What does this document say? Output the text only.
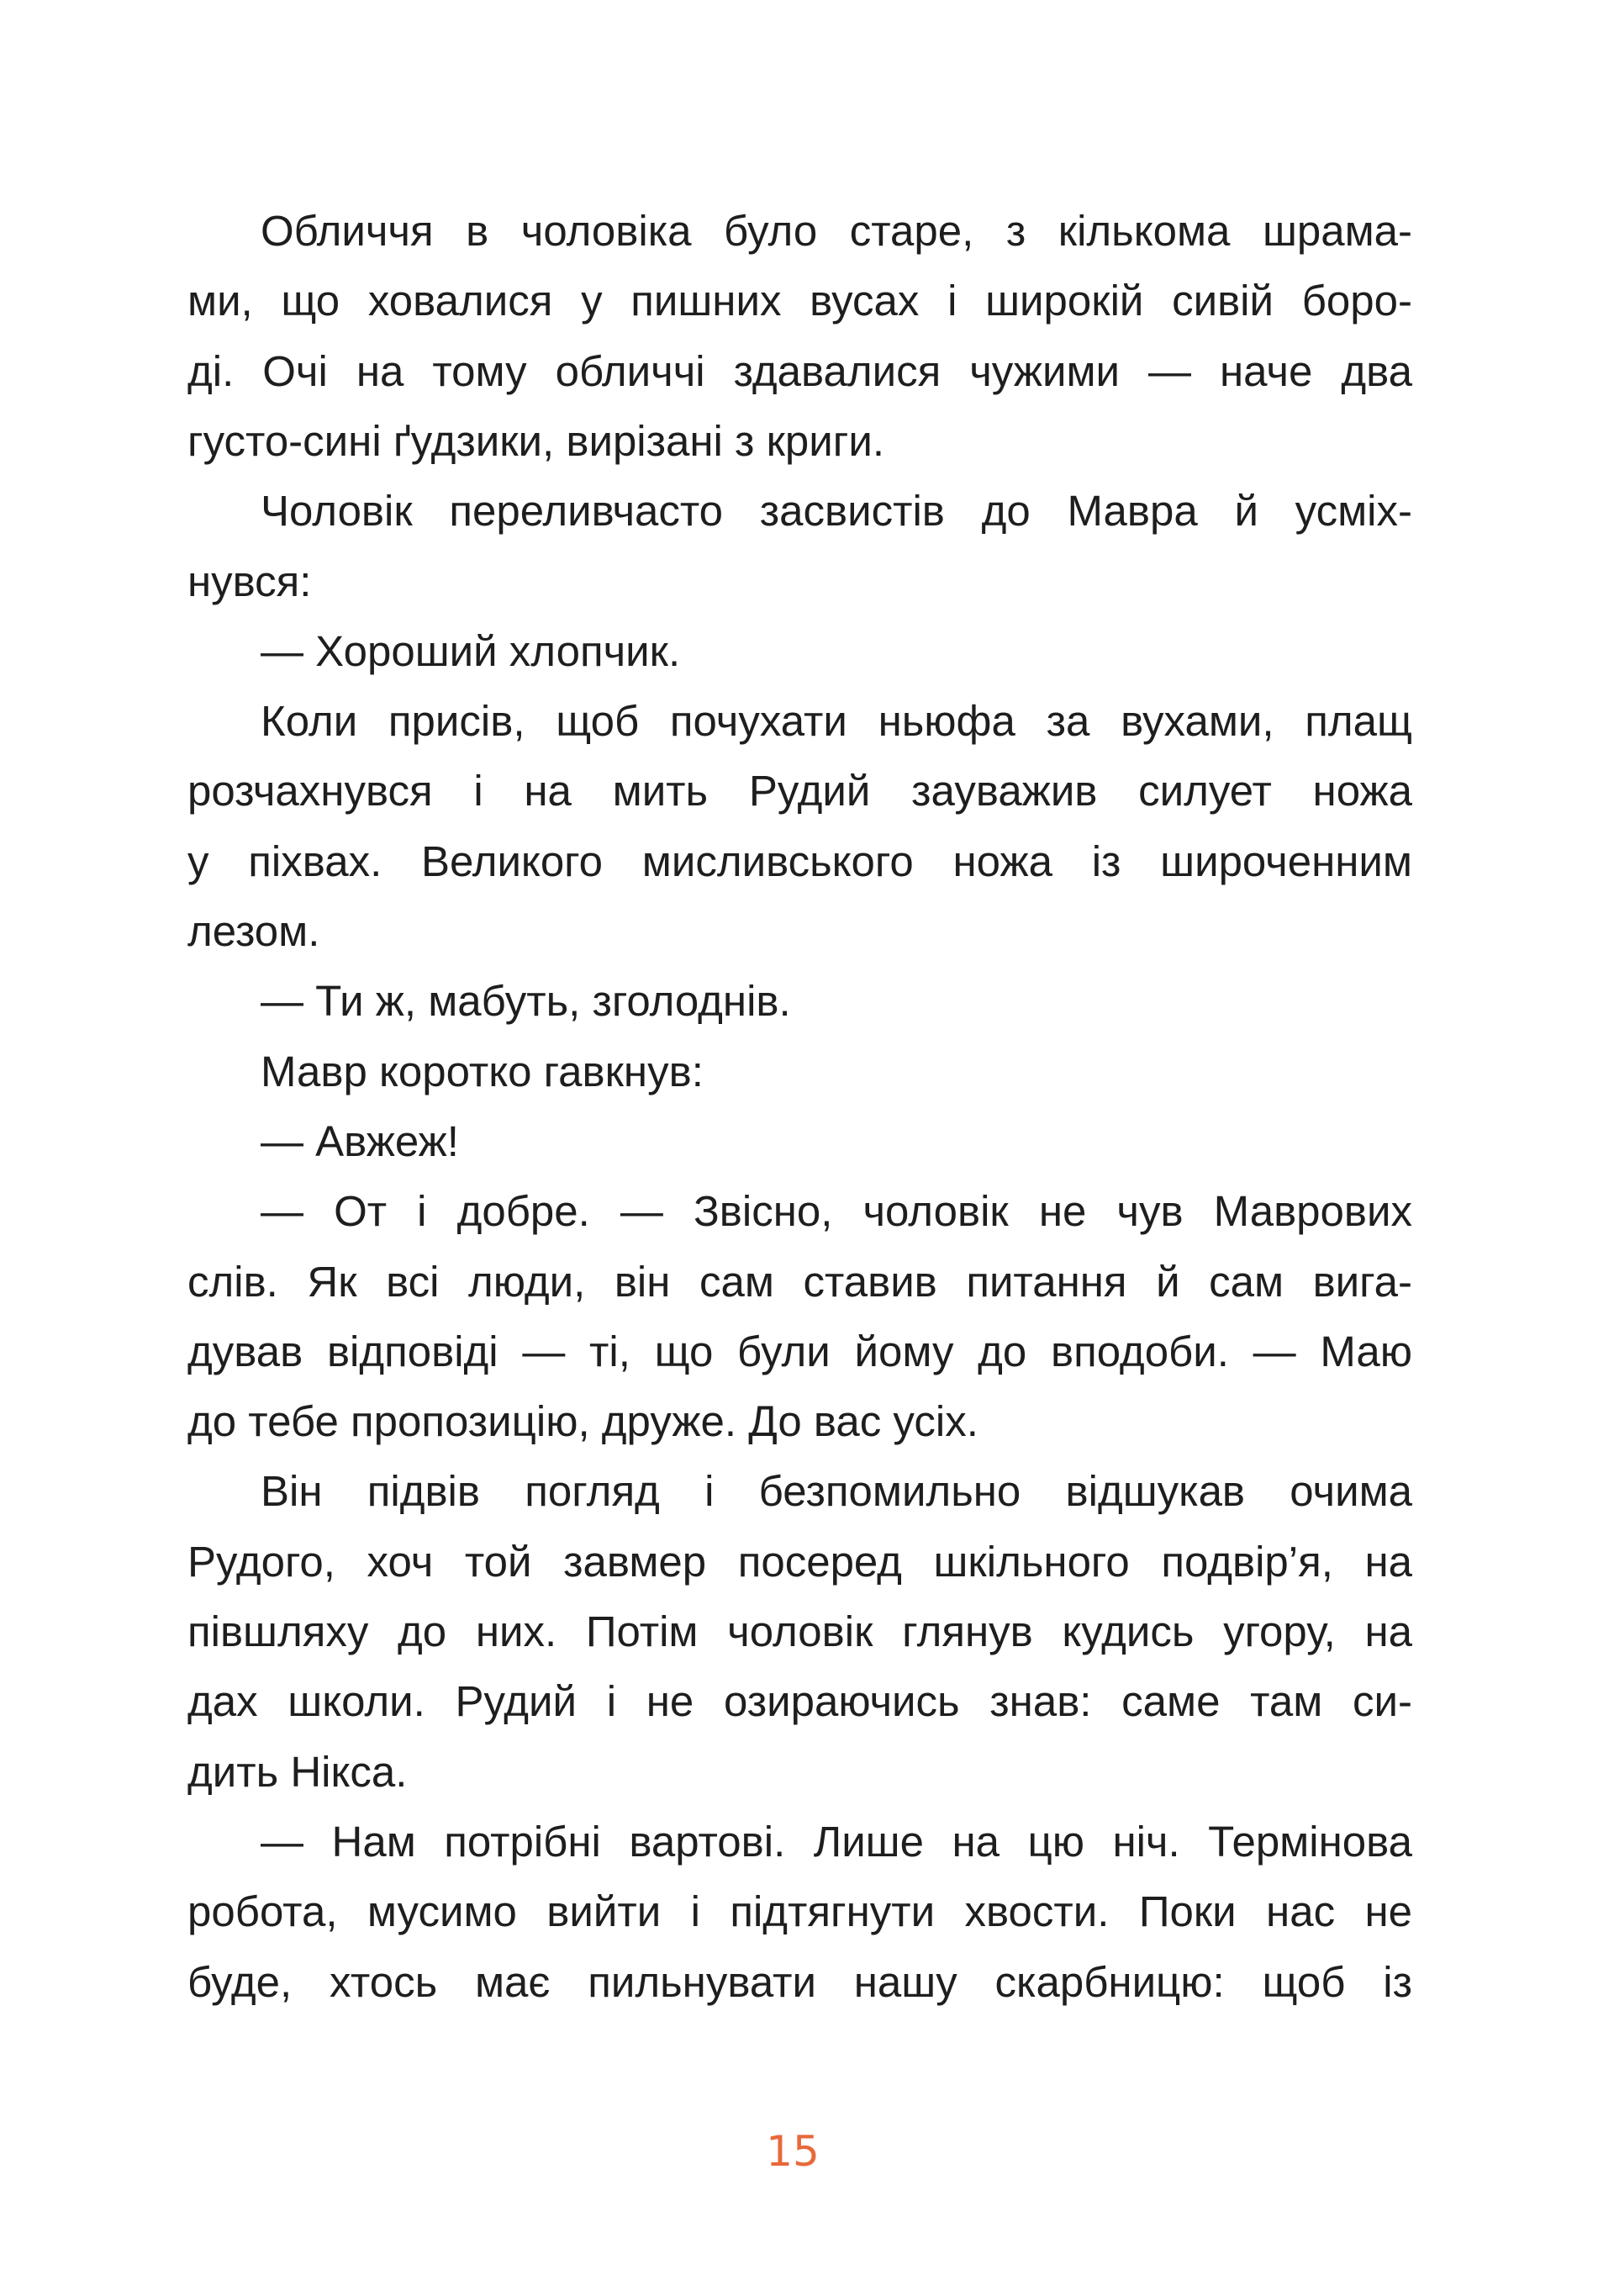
Обличчя в чоловіка було старе, з кількома шрама-
ми, що ховалися у пишних вусах і широкій сивій боро-
ді. Очі на тому обличчі здавалися чужими — наче два
густо-сині ґудзики, вирізані з криги.
Чоловік переливчасто засвистів до Мавра й усміх-
нувся:
— Хороший хлопчик.
Коли присів, щоб почухати ньюфа за вухами, плащ
розчахнувся і на мить Рудий зауважив силует ножа
у піхвах. Великого мисливського ножа із широченним
лезом.
— Ти ж, мабуть, зголоднів.
Мавр коротко гавкнув:
— Авжеж!
— От і добре. — Звісно, чоловік не чув Маврових
слів. Як всі люди, він сам ставив питання й сам вига-
дував відповіді — ті, що були йому до вподоби. — Маю
до тебе пропозицію, друже. До вас усіх.
Він підвів погляд і безпомильно відшукав очима
Рудого, хоч той завмер посеред шкільного подвір’я, на
півшляху до них. Потім чоловік глянув кудись угору, на
дах школи. Рудий і не озираючись знав: саме там си-
дить Нікса.
— Нам потрібні вартові. Лише на цю ніч. Термінова
робота, мусимо вийти і підтягнути хвости. Поки нас не
буде, хтось має пильнувати нашу скарбницю: щоб із
15
